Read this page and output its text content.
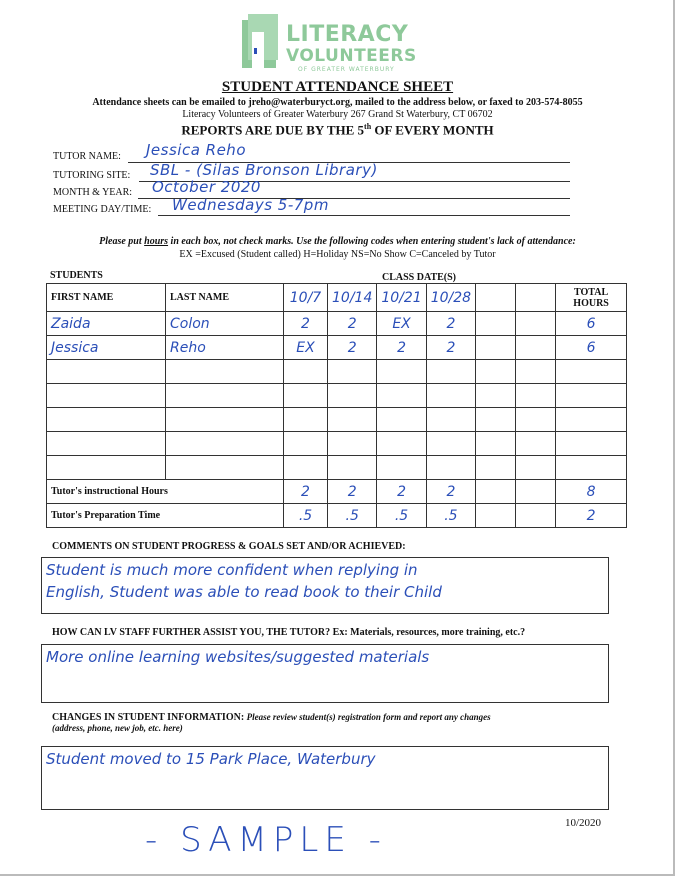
LITERACY
VOLUNTEERS
OF GREATER WATERBURY
STUDENT ATTENDANCE SHEET
Attendance sheets can be emailed to jreho@waterburyct.org, mailed to the address below, or faxed to 203-574-8055
Literacy Volunteers of Greater Waterbury 267 Grand St Waterbury, CT 06702
REPORTS ARE DUE BY THE 5th OF EVERY MONTH
TUTOR NAME: Jessica Reho
TUTORING SITE: SBL - (Silas Bronson Library)
MONTH & YEAR: October 2020
MEETING DAY/TIME: Wednesdays 5-7pm
Please put hours in each box, not check marks. Use the following codes when entering student's lack of attendance:
EX =Excused (Student called) H=Holiday NS=No Show C=Canceled by Tutor
STUDENTS	CLASS DATE(S)
FIRST NAME	LAST NAME	10/7	10/14	10/21	10/28			TOTAL
HOURS
Zaida	Colon	2	2	EX	2			6
Jessica	Reho	EX	2	2	2			6

Tutor's instructional Hours		2	2	2	2			8
Tutor's Preparation Time		.5	.5	.5	.5			2
COMMENTS ON STUDENT PROGRESS & GOALS SET AND/OR ACHIEVED:
Student is much more confident when replying in
English, Student was able to read book to their Child
HOW CAN LV STAFF FURTHER ASSIST YOU, THE TUTOR? Ex: Materials, resources, more training, etc.?
More online learning websites/suggested materials
CHANGES IN STUDENT INFORMATION: Please review student(s) registration form and report any changes
(address, phone, new job, etc. here)
Student moved to 15 Park Place, Waterbury
10/2020
- SAMPLE -
